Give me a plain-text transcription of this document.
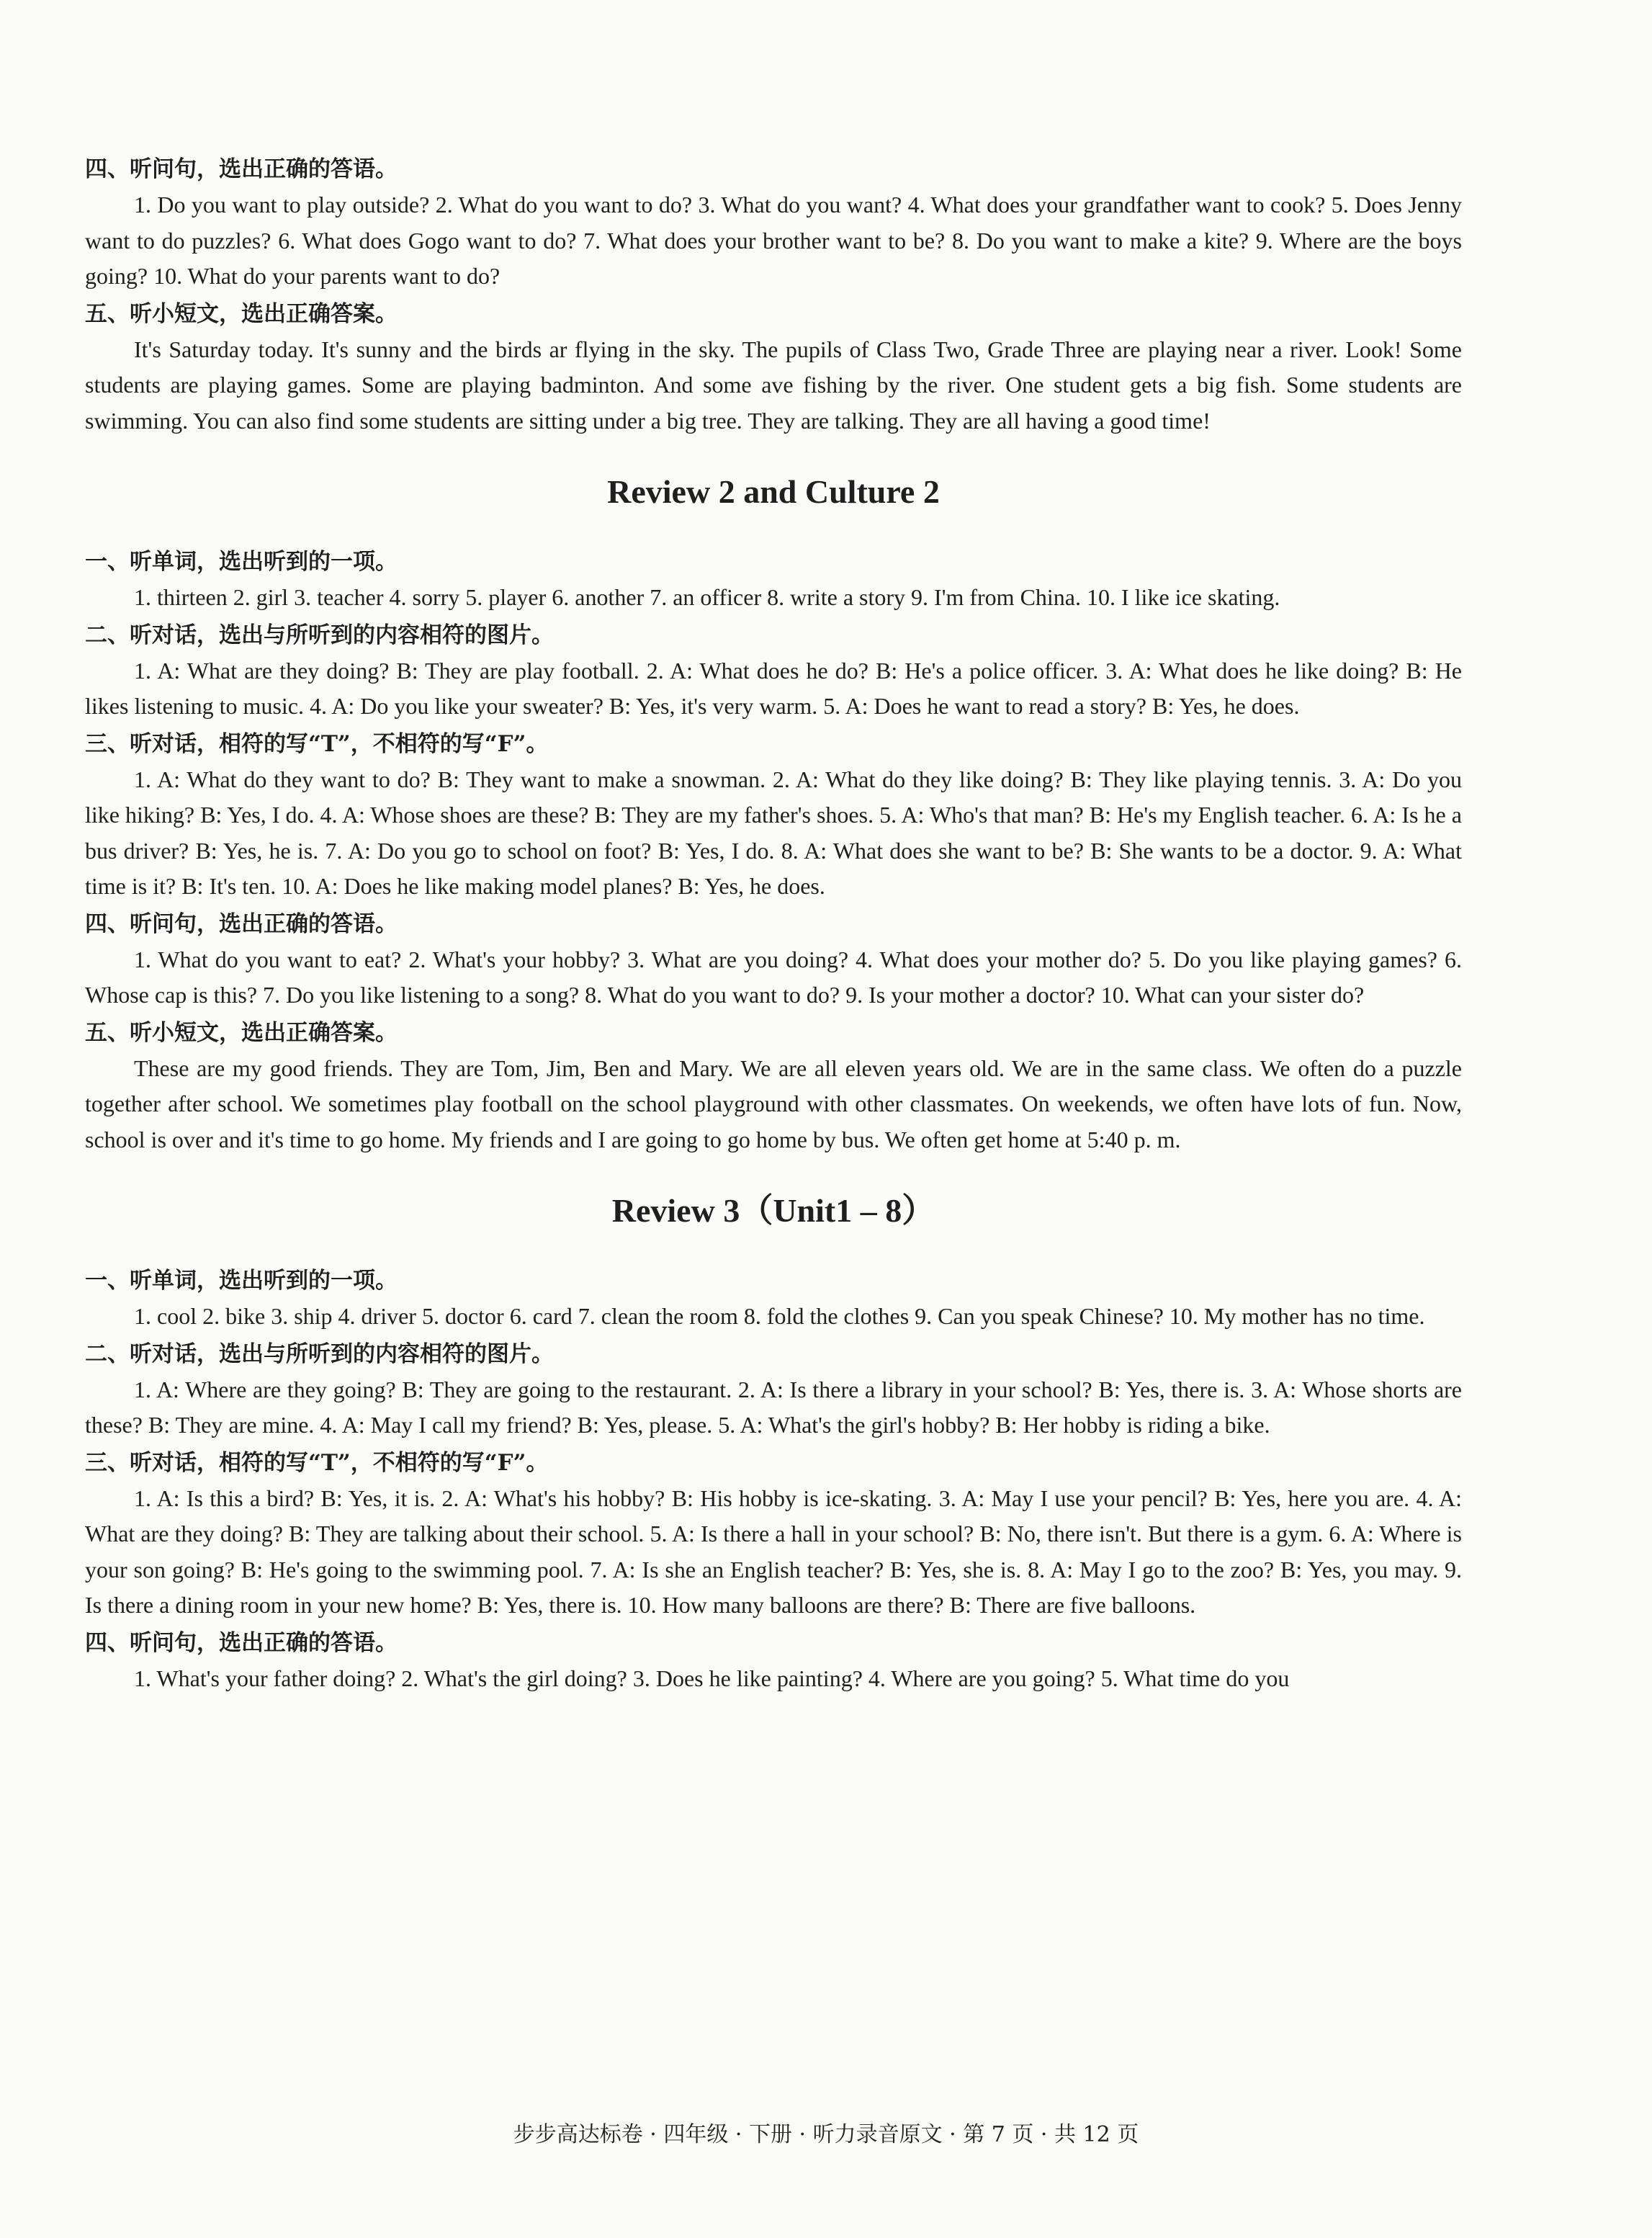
四、听问句，选出正确的答语。

1. Do you want to play outside? 2. What do you want to do? 3. What do you want? 4. What does your grandfather want to cook? 5. Does Jenny want to do puzzles? 6. What does Gogo want to do? 7. What does your brother want to be? 8. Do you want to make a kite? 9. Where are the boys going? 10. What do your parents want to do?

五、听小短文，选出正确答案。

It's Saturday today. It's sunny and the birds ar flying in the sky. The pupils of Class Two, Grade Three are playing near a river. Look! Some students are playing games. Some are playing badminton. And some ave fishing by the river. One student gets a big fish. Some students are swimming. You can also find some students are sitting under a big tree. They are talking. They are all having a good time!

Review 2 and Culture 2
一、听单词，选出听到的一项。

1. thirteen 2. girl 3. teacher 4. sorry 5. player 6. another 7. an officer 8. write a story 9. I'm from China. 10. I like ice skating.

二、听对话，选出与所听到的内容相符的图片。

1. A: What are they doing? B: They are play football. 2. A: What does he do? B: He's a police officer. 3. A: What does he like doing? B: He likes listening to music. 4. A: Do you like your sweater? B: Yes, it's very warm. 5. A: Does he want to read a story? B: Yes, he does.

三、听对话，相符的写“T”，不相符的写“F”。

1. A: What do they want to do? B: They want to make a snowman. 2. A: What do they like doing? B: They like playing tennis. 3. A: Do you like hiking? B: Yes, I do. 4. A: Whose shoes are these? B: They are my father's shoes. 5. A: Who's that man? B: He's my English teacher. 6. A: Is he a bus driver? B: Yes, he is. 7. A: Do you go to school on foot? B: Yes, I do. 8. A: What does she want to be? B: She wants to be a doctor. 9. A: What time is it? B: It's ten. 10. A: Does he like making model planes? B: Yes, he does.

四、听问句，选出正确的答语。

1. What do you want to eat? 2. What's your hobby? 3. What are you doing? 4. What does your mother do? 5. Do you like playing games? 6. Whose cap is this? 7. Do you like listening to a song? 8. What do you want to do? 9. Is your mother a doctor? 10. What can your sister do?

五、听小短文，选出正确答案。

These are my good friends. They are Tom, Jim, Ben and Mary. We are all eleven years old. We are in the same class. We often do a puzzle together after school. We sometimes play football on the school playground with other classmates. On weekends, we often have lots of fun. Now, school is over and it's time to go home. My friends and I are going to go home by bus. We often get home at 5:40 p. m.

Review 3（Unit1 – 8）
一、听单词，选出听到的一项。

1. cool 2. bike 3. ship 4. driver 5. doctor 6. card 7. clean the room 8. fold the clothes 9. Can you speak Chinese? 10. My mother has no time.

二、听对话，选出与所听到的内容相符的图片。

1. A: Where are they going? B: They are going to the restaurant. 2. A: Is there a library in your school? B: Yes, there is. 3. A: Whose shorts are these? B: They are mine. 4. A: May I call my friend? B: Yes, please. 5. A: What's the girl's hobby? B: Her hobby is riding a bike.

三、听对话，相符的写“T”，不相符的写“F”。

1. A: Is this a bird? B: Yes, it is. 2. A: What's his hobby? B: His hobby is ice-skating. 3. A: May I use your pencil? B: Yes, here you are. 4. A: What are they doing? B: They are talking about their school. 5. A: Is there a hall in your school? B: No, there isn't. But there is a gym. 6. A: Where is your son going? B: He's going to the swimming pool. 7. A: Is she an English teacher? B: Yes, she is. 8. A: May I go to the zoo? B: Yes, you may. 9. Is there a dining room in your new home? B: Yes, there is. 10. How many balloons are there? B: There are five balloons.

四、听问句，选出正确的答语。

1. What's your father doing? 2. What's the girl doing? 3. Does he like painting? 4. Where are you going? 5. What time do you

步步高达标卷 · 四年级 · 下册 · 听力录音原文 · 第 7 页 · 共 12 页
